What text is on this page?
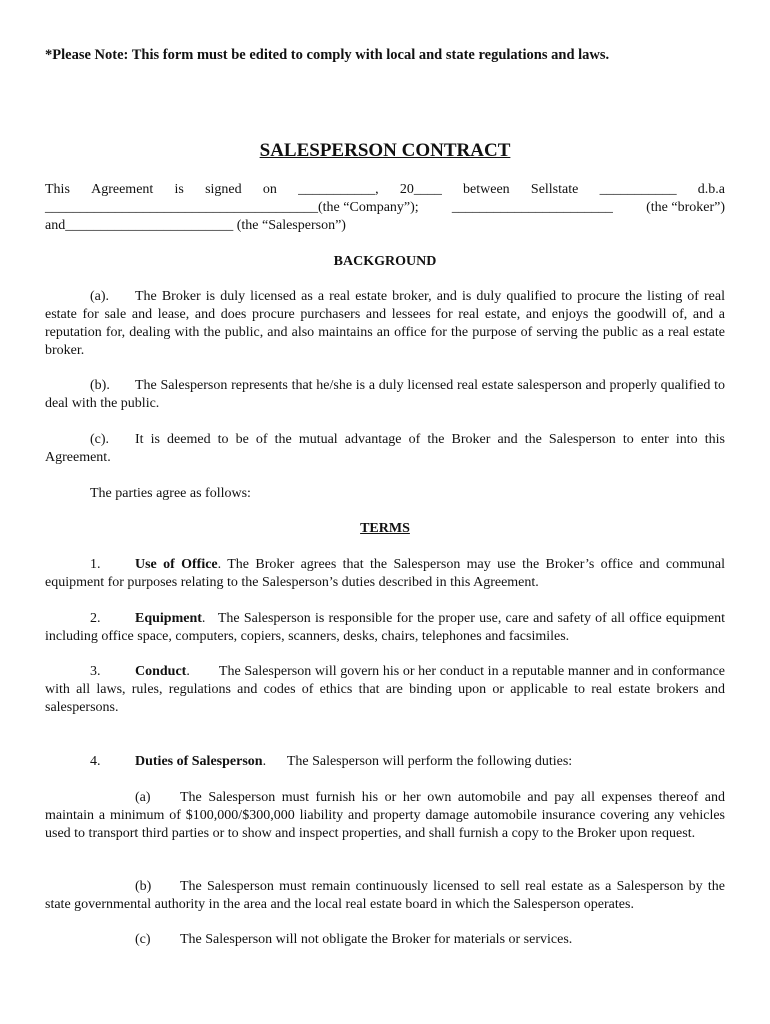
*Please Note: This form must be edited to comply with local and state regulations and laws.
SALESPERSON CONTRACT
This Agreement is signed on ___________, 20____ between Sellstate ___________ d.b.a
_______________________________________(the “Company”); _______________________ (the “broker”)
and________________________ (the “Salesperson”)
BACKGROUND
(a). The Broker is duly licensed as a real estate broker, and is duly qualified to procure the listing of real estate for sale and lease, and does procure purchasers and lessees for real estate, and enjoys the goodwill of, and a reputation for, dealing with the public, and also maintains an office for the purpose of serving the public as a real estate broker.
(b). The Salesperson represents that he/she is a duly licensed real estate salesperson and properly qualified to deal with the public.
(c). It is deemed to be of the mutual advantage of the Broker and the Salesperson to enter into this Agreement.
The parties agree as follows:
TERMS
1. Use of Office. The Broker agrees that the Salesperson may use the Broker’s office and communal equipment for purposes relating to the Salesperson’s duties described in this Agreement.
2. Equipment.   The Salesperson is responsible for the proper use, care and safety of all office equipment including office space, computers, copiers, scanners, desks, chairs, telephones and facsimiles.
3. Conduct.        The Salesperson will govern his or her conduct in a reputable manner and in conformance with all laws, rules, regulations and codes of ethics that are binding upon or applicable to real estate brokers and salespersons.
4. Duties of Salesperson.      The Salesperson will perform the following duties:
(a) The Salesperson must furnish his or her own automobile and pay all expenses thereof and maintain a minimum of $100,000/$300,000 liability and property damage automobile insurance covering any vehicles used to transport third parties or to show and inspect properties, and shall furnish a copy to the Broker upon request.
(b) The Salesperson must remain continuously licensed to sell real estate as a Salesperson by the state governmental authority in the area and the local real estate board in which the Salesperson operates.
(c) The Salesperson will not obligate the Broker for materials or services.
